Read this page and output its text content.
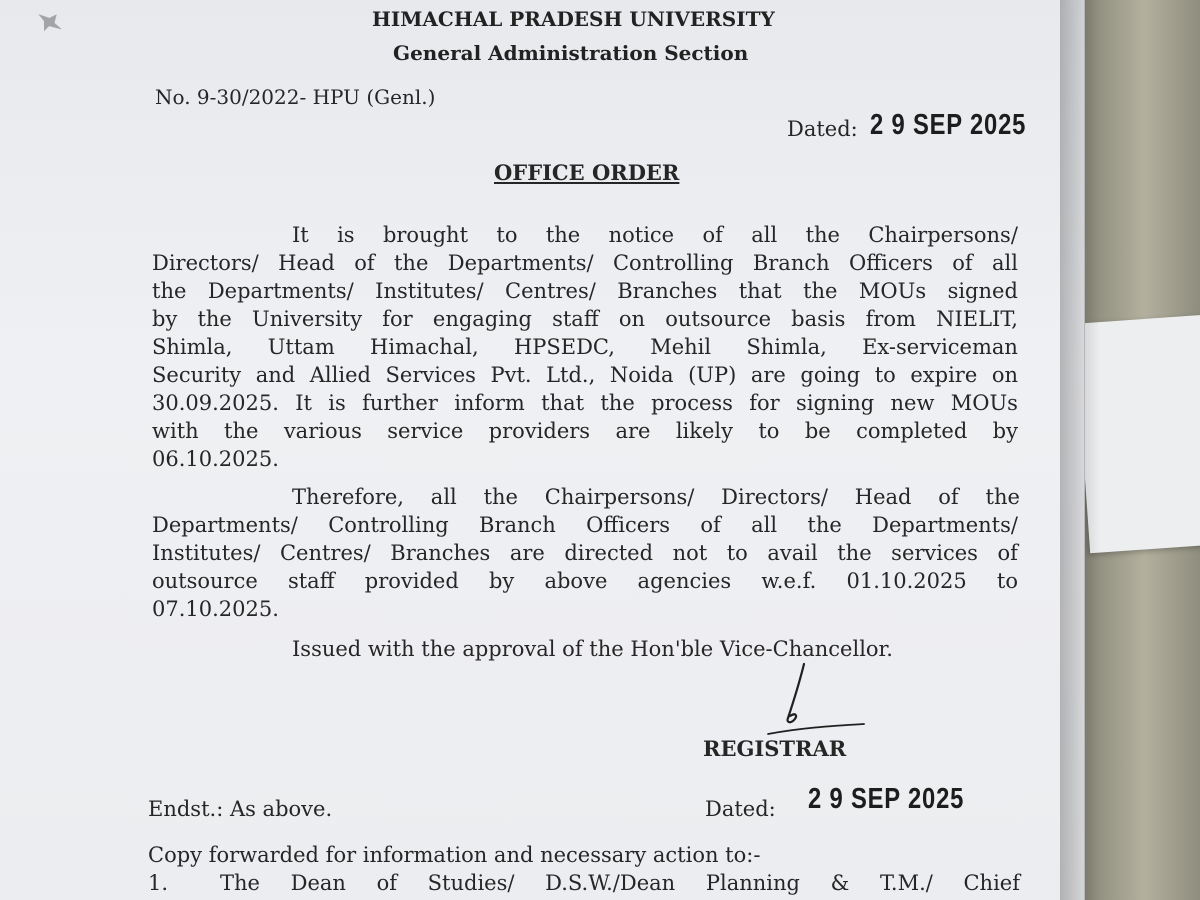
HIMACHAL PRADESH UNIVERSITY

General Administration Section

No. 9-30/2022- HPU (Genl.)

Dated: 2 9 SEP 2025

OFFICE ORDER

It is brought to the notice of all the Chairpersons/

Directors/ Head of the Departments/ Controlling Branch Officers of all

the Departments/ Institutes/ Centres/ Branches that the MOUs signed

by the University for engaging staff on outsource basis from NIELIT,

Shimla, Uttam Himachal, HPSEDC, Mehil Shimla, Ex-serviceman

Security and Allied Services Pvt. Ltd., Noida (UP) are going to expire on

30.09.2025. It is further inform that the process for signing new MOUs

with the various service providers are likely to be completed by

06.10.2025.

Therefore, all the Chairpersons/ Directors/ Head of the

Departments/ Controlling Branch Officers of all the Departments/

Institutes/ Centres/ Branches are directed not to avail the services of

outsource staff provided by above agencies w.e.f. 01.10.2025 to

07.10.2025.

Issued with the approval of the Hon'ble Vice-Chancellor.

REGISTRAR

Endst.: As above.	Dated: 2 9 SEP 2025

Copy forwarded for information and necessary action to:-

1. The Dean of Studies/ D.S.W./Dean Planning & T.M./ Chief
